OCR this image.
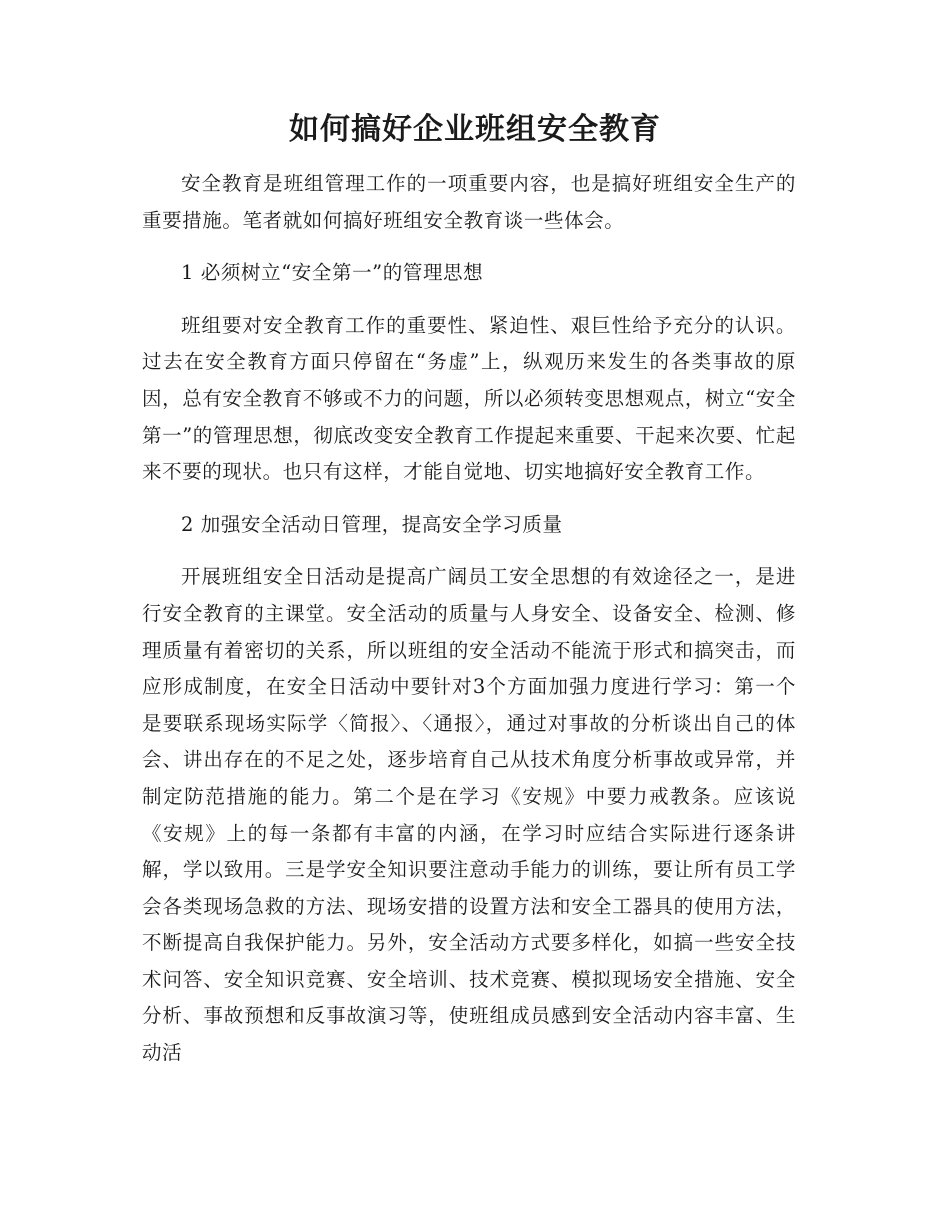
如何搞好企业班组安全教育

安全教育是班组管理工作的一项重要内容，也是搞好班组安全生产的重要措施。笔者就如何搞好班组安全教育谈一些体会。

1 必须树立“安全第一”的管理思想

班组要对安全教育工作的重要性、紧迫性、艰巨性给予充分的认识。过去在安全教育方面只停留在“务虚”上，纵观历来发生的各类事故的原因，总有安全教育不够或不力的问题，所以必须转变思想观点，树立“安全第一”的管理思想，彻底改变安全教育工作提起来重要、干起来次要、忙起来不要的现状。也只有这样，才能自觉地、切实地搞好安全教育工作。

2 加强安全活动日管理，提高安全学习质量

开展班组安全日活动是提高广阔员工安全思想的有效途径之一，是进行安全教育的主课堂。安全活动的质量与人身安全、设备安全、检测、修理质量有着密切的关系，所以班组的安全活动不能流于形式和搞突击，而应形成制度，在安全日活动中要针对3个方面加强力度进行学习：第一个是要联系现场实际学〈简报〉、〈通报〉，通过对事故的分析谈出自己的体会、讲出存在的不足之处，逐步培育自己从技术角度分析事故或异常，并制定防范措施的能力。第二个是在学习《安规》中要力戒教条。应该说《安规》上的每一条都有丰富的内涵，在学习时应结合实际进行逐条讲解，学以致用。三是学安全知识要注意动手能力的训练，要让所有员工学会各类现场急救的方法、现场安措的设置方法和安全工器具的使用方法，不断提高自我保护能力。另外，安全活动方式要多样化，如搞一些安全技术问答、安全知识竞赛、安全培训、技术竞赛、模拟现场安全措施、安全分析、事故预想和反事故演习等，使班组成员感到安全活动内容丰富、生动活
